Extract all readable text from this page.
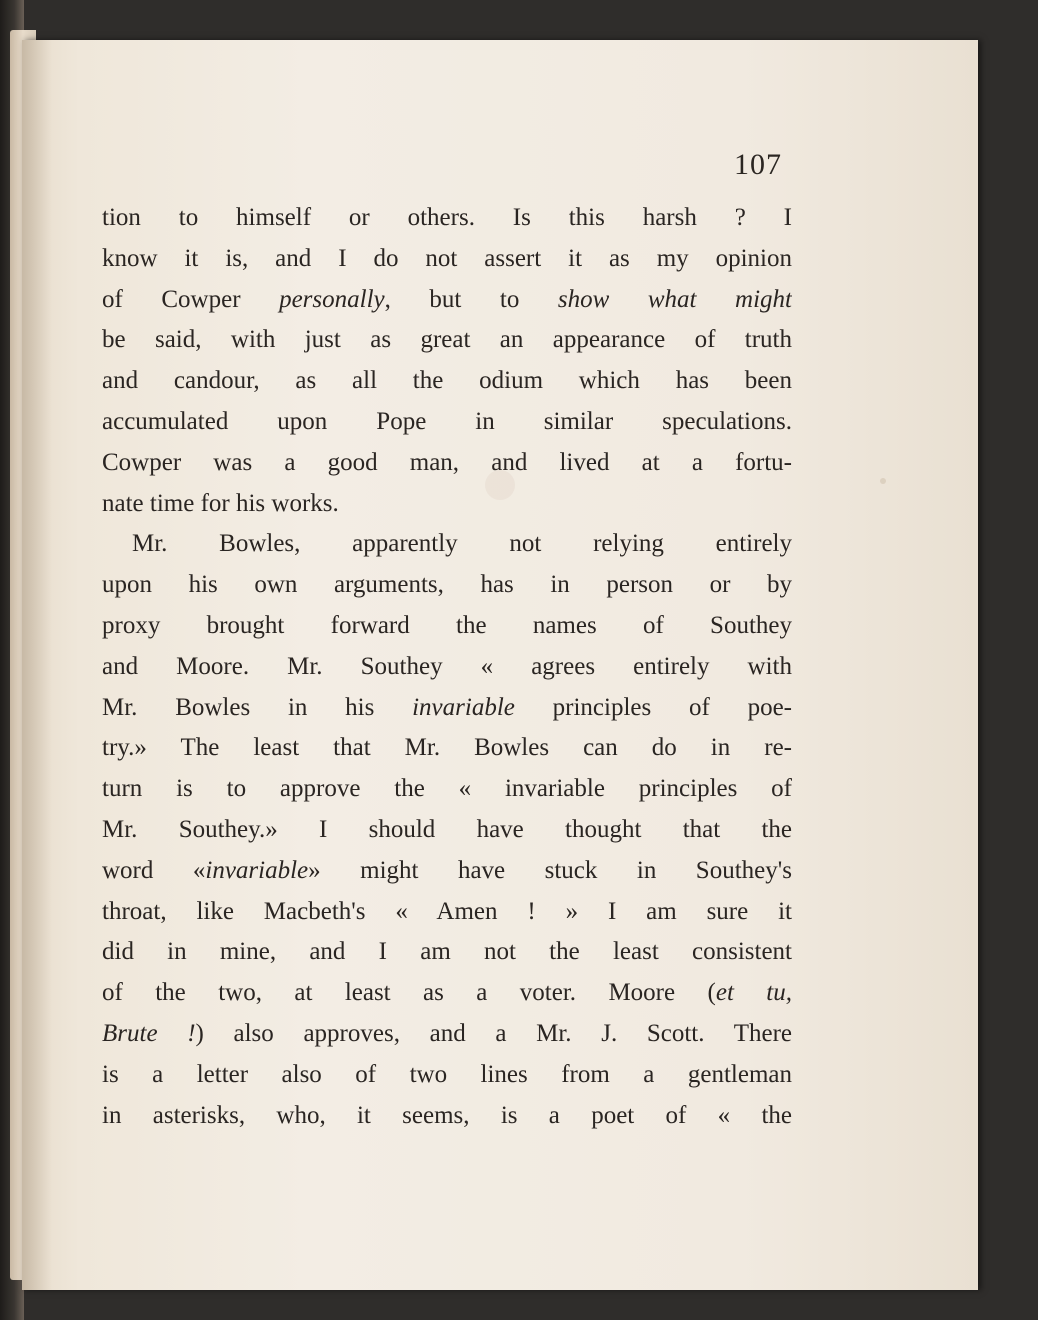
107
tion to himself or others. Is this harsh ? I
know it is, and I do not assert it as my opinion
of Cowper personally, but to show what might
be said, with just as great an appearance of truth
and candour, as all the odium which has been
accumulated upon Pope in similar speculations.
Cowper was a good man, and lived at a fortu-
nate time for his works.
Mr. Bowles, apparently not relying entirely
upon his own arguments, has in person or by
proxy brought forward the names of Southey
and Moore. Mr. Southey « agrees entirely with
Mr. Bowles in his invariable principles of poe-
try.» The least that Mr. Bowles can do in re-
turn is to approve the « invariable principles of
Mr. Southey.» I should have thought that the
word «invariable» might have stuck in Southey's
throat, like Macbeth's « Amen ! » I am sure it
did in mine, and I am not the least consistent
of the two, at least as a voter. Moore (et tu,
Brute !) also approves, and a Mr. J. Scott. There
is a letter also of two lines from a gentleman
in asterisks, who, it seems, is a poet of « the
